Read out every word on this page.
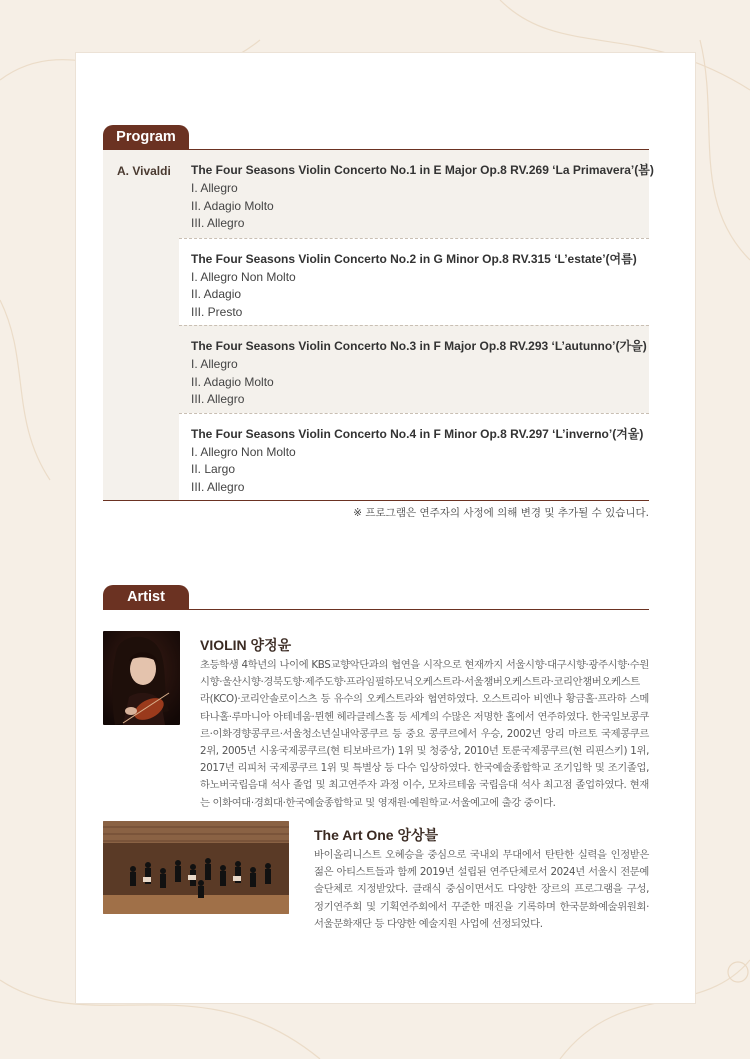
Program
A. Vivaldi The Four Seasons Violin Concerto No.1 in E Major Op.8 RV.269 ‘La Primavera’(봄)
I. Allegro
II. Adagio Molto
III. Allegro
The Four Seasons Violin Concerto No.2 in G Minor Op.8 RV.315 ‘L’estate’(여름)
I. Allegro Non Molto
II. Adagio
III. Presto
The Four Seasons Violin Concerto No.3 in F Major Op.8 RV.293 ‘L’autunno’(가을)
I. Allegro
II. Adagio Molto
III. Allegro
The Four Seasons Violin Concerto No.4 in F Minor Op.8 RV.297 ‘L’inverno’(겨울)
I. Allegro Non Molto
II. Largo
III. Allegro
※ 프로그램은 연주자의 사정에 의해 변경 및 추가될 수 있습니다.
Artist
VIOLIN 양정윤
초등학생 4학년의 나이에 KBS교향악단과의 협연을 시작으로 현재까지 서울시향·대구시향·광주시향·수원시향·울산시향·경북도향·제주도향·프라임필하모닉오케스트라·서울챔버오케스트라·코리안챔버오케스트라(KCO)·코리안솔로이스츠 등 유수의 오케스트라와 협연하였다. 오스트리아 비엔나 황금홀·프라하 스메타나홀·루마니아 아테네움·뮌헨 헤라클레스홀 등 세계의 수많은 저명한 홀에서 연주하였다. 한국일보콩쿠르·이화경향콩쿠르·서울청소년실내악콩쿠르 등 중요 콩쿠르에서 우승, 2002년 앙리 마르토 국제콩쿠르 2위, 2005년 시옹국제콩쿠르(현 티보바르가) 1위 및 청중상, 2010년 토룬국제콩쿠르(현 리핀스키) 1위, 2017년 리피처 국제콩쿠르 1위 및 특별상 등 다수 입상하였다. 한국예술종합학교 조기입학 및 조기졸업, 하노버국립음대 석사 졸업 및 최고연주자 과정 이수, 모차르테움 국립음대 석사 최고점 졸업하였다. 현재는 이화여대·경희대·한국예술종합학교 및 영재원·예원학교·서울예고에 출강 중이다.
The Art One 앙상블
바이올리니스트 오혜승을 중심으로 국내외 무대에서 탄탄한 실력을 인정받은 젊은 아티스트들과 함께 2019년 설립된 연주단체로서 2024년 서울시 전문예술단체로 지정받았다. 클래식 중심이면서도 다양한 장르의 프로그램을 구성, 정기연주회 및 기획연주회에서 꾸준한 매진을 기록하며 한국문화예술위원회·서울문화재단 등 다양한 예술지원 사업에 선정되었다.
